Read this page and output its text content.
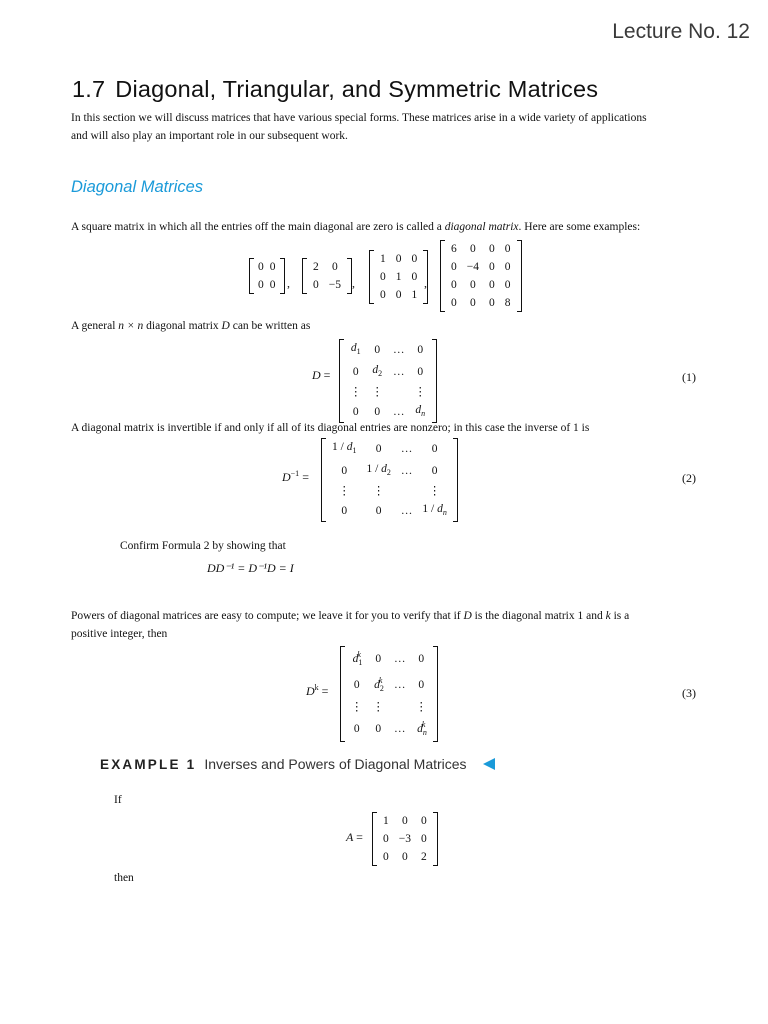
Lecture No. 12
1.7 Diagonal, Triangular, and Symmetric Matrices
In this section we will discuss matrices that have various special forms. These matrices arise in a wide variety of applications
and will also play an important role in our subsequent work.
Diagonal Matrices
A square matrix in which all the entries off the main diagonal are zero is called a diagonal matrix. Here are some examples:
0	0
0	0 ,
2	0
0	−5 ,
1	0	0
0	1	0
0	0	1
,
6	0	0	0
0	−4	0	0
0	0	0	0
0	0	0	8
A general n × n diagonal matrix D can be written as
D =
$d_1$	0	…	0
0	$d_2$	…	0
⋮	⋮		⋮
0	0	…	$d_n$
(1)
A diagonal matrix is invertible if and only if all of its diagonal entries are nonzero; in this case the inverse of 1 is
$D^{-1}$ =
$1 / d_1$	0	…	0
0	$1 / d_2$	…	0
⋮	⋮		⋮
0	0	…	$1 / d_n$
(2)
Confirm Formula 2 by showing that
DD⁻¹ = D⁻¹D = I
Powers of diagonal matrices are easy to compute; we leave it for you to verify that if D is the diagonal matrix 1 and k is a
positive integer, then
$D^k$ =
$d_1^k$	0	…	0
0	$d_2^k$	…	0
⋮	⋮		⋮
0	0	…	$d_n^k$
(3)
EXAMPLE 1 Inverses and Powers of Diagonal Matrices
If
A =
1	0	0
0	−3	0
0	0	2
then
